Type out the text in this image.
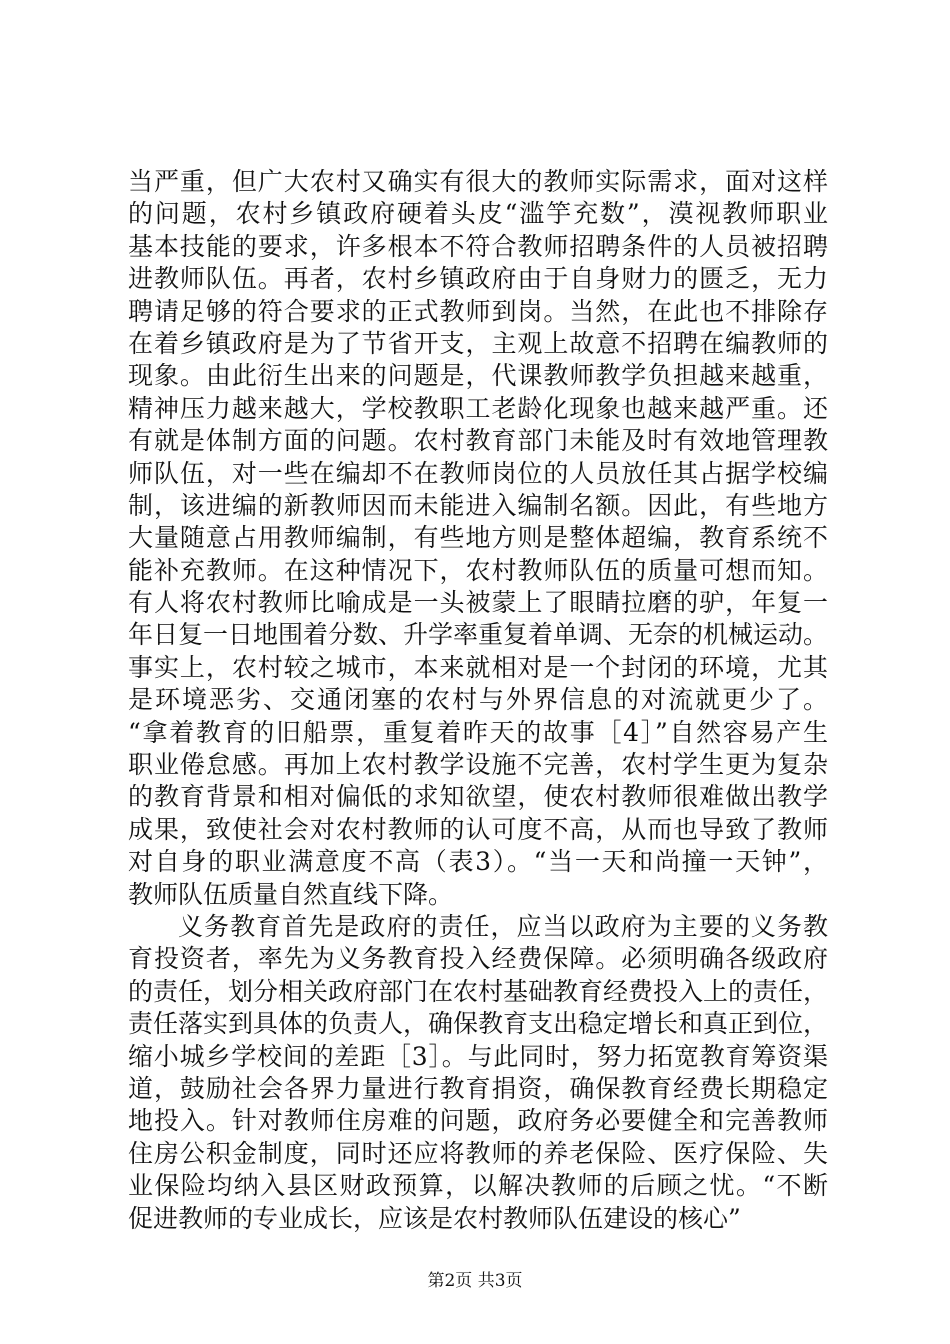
当严重，但广大农村又确实有很大的教师实际需求，面对这样
的问题，农村乡镇政府硬着头皮“滥竽充数”，漠视教师职业
基本技能的要求，许多根本不符合教师招聘条件的人员被招聘
进教师队伍。再者，农村乡镇政府由于自身财力的匮乏，无力
聘请足够的符合要求的正式教师到岗。当然，在此也不排除存
在着乡镇政府是为了节省开支，主观上故意不招聘在编教师的
现象。由此衍生出来的问题是，代课教师教学负担越来越重，
精神压力越来越大，学校教职工老龄化现象也越来越严重。还
有就是体制方面的问题。农村教育部门未能及时有效地管理教
师队伍，对一些在编却不在教师岗位的人员放任其占据学校编
制，该进编的新教师因而未能进入编制名额。因此，有些地方
大量随意占用教师编制，有些地方则是整体超编，教育系统不
能补充教师。在这种情况下，农村教师队伍的质量可想而知。
有人将农村教师比喻成是一头被蒙上了眼睛拉磨的驴，年复一
年日复一日地围着分数、升学率重复着单调、无奈的机械运动。
事实上，农村较之城市，本来就相对是一个封闭的环境，尤其
是环境恶劣、交通闭塞的农村与外界信息的对流就更少了。
“拿着教育的旧船票，重复着昨天的故事［4］”自然容易产生
职业倦怠感。再加上农村教学设施不完善，农村学生更为复杂
的教育背景和相对偏低的求知欲望，使农村教师很难做出教学
成果，致使社会对农村教师的认可度不高，从而也导致了教师
对自身的职业满意度不高（表3）。“当一天和尚撞一天钟”，
教师队伍质量自然直线下降。
义务教育首先是政府的责任，应当以政府为主要的义务教
育投资者，率先为义务教育投入经费保障。必须明确各级政府
的责任，划分相关政府部门在农村基础教育经费投入上的责任，
责任落实到具体的负责人，确保教育支出稳定增长和真正到位，
缩小城乡学校间的差距［3］。与此同时，努力拓宽教育筹资渠
道，鼓励社会各界力量进行教育捐资，确保教育经费长期稳定
地投入。针对教师住房难的问题，政府务必要健全和完善教师
住房公积金制度，同时还应将教师的养老保险、医疗保险、失
业保险均纳入县区财政预算，以解决教师的后顾之忧。“不断
促进教师的专业成长，应该是农村教师队伍建设的核心”
第2页 共3页
